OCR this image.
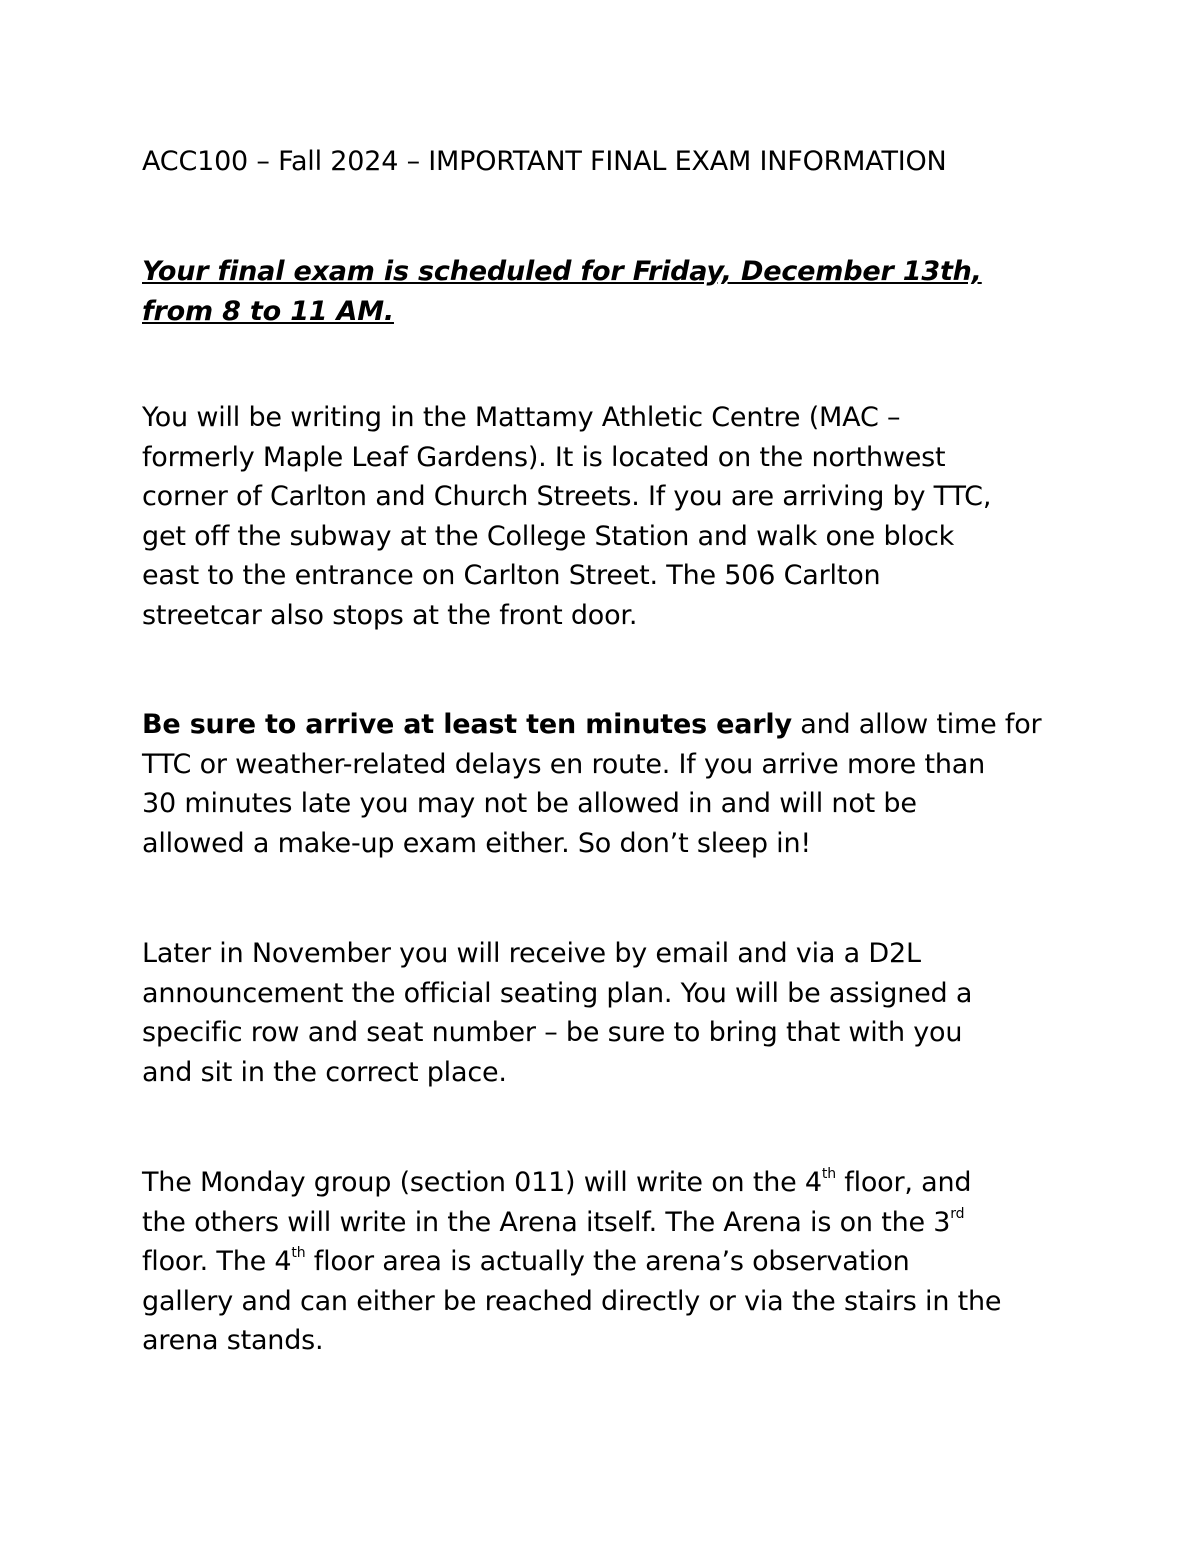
ACC100 – Fall 2024 – IMPORTANT FINAL EXAM INFORMATION
Your final exam is scheduled for Friday, December 13th,
from 8 to 11 AM.
You will be writing in the Mattamy Athletic Centre (MAC –
formerly Maple Leaf Gardens). It is located on the northwest
corner of Carlton and Church Streets. If you are arriving by TTC,
get off the subway at the College Station and walk one block
east to the entrance on Carlton Street. The 506 Carlton
streetcar also stops at the front door.
Be sure to arrive at least ten minutes early and allow time for
TTC or weather-related delays en route. If you arrive more than
30 minutes late you may not be allowed in and will not be
allowed a make-up exam either. So don’t sleep in!
Later in November you will receive by email and via a D2L
announcement the official seating plan. You will be assigned a
specific row and seat number – be sure to bring that with you
and sit in the correct place.
The Monday group (section 011) will write on the 4th floor, and
the others will write in the Arena itself. The Arena is on the 3rd
floor. The 4th floor area is actually the arena’s observation
gallery and can either be reached directly or via the stairs in the
arena stands.
